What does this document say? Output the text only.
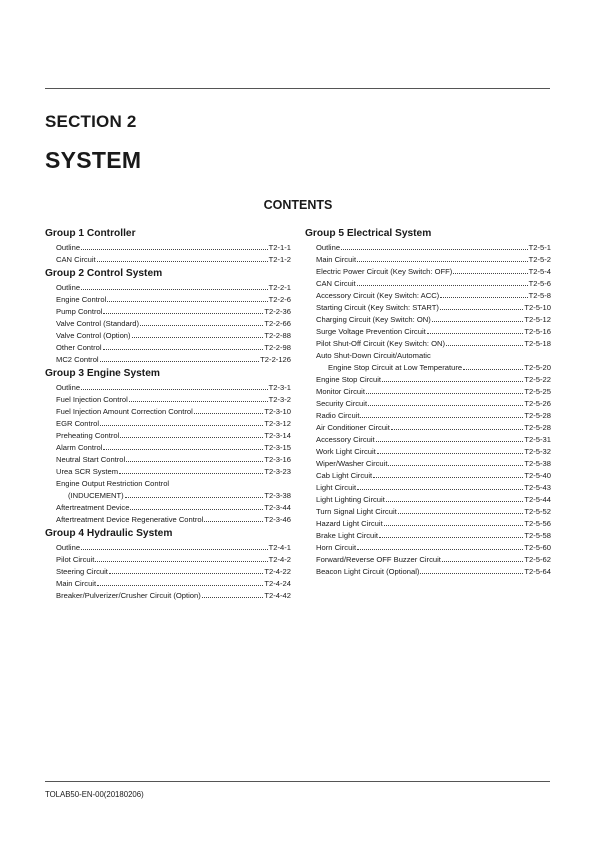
SECTION 2
SYSTEM
CONTENTS
Group 1 Controller
Outline	T2-1-1
CAN Circuit	T2-1-2
Group 2 Control System
Outline	T2-2-1
Engine Control	T2-2-6
Pump Control	T2-2-36
Valve Control (Standard)	T2-2-66
Valve Control (Option)	T2-2-88
Other Control	T2-2-98
MC2 Control	T2-2-126
Group 3 Engine System
Outline	T2-3-1
Fuel Injection Control	T2-3-2
Fuel Injection Amount Correction Control	T2-3-10
EGR Control	T2-3-12
Preheating Control	T2-3-14
Alarm Control	T2-3-15
Neutral Start Control	T2-3-16
Urea SCR System	T2-3-23
Engine Output Restriction Control
(INDUCEMENT)	T2-3-38
Aftertreatment Device	T2-3-44
Aftertreatment Device Regenerative Control	T2-3-46
Group 4 Hydraulic System
Outline	T2-4-1
Pilot Circuit	T2-4-2
Steering Circuit	T2-4-22
Main Circuit	T2-4-24
Breaker/Pulverizer/Crusher Circuit (Option)	T2-4-42
Group 5 Electrical System
Outline	T2-5-1
Main Circuit	T2-5-2
Electric Power Circuit (Key Switch: OFF)	T2-5-4
CAN Circuit	T2-5-6
Accessory Circuit (Key Switch: ACC)	T2-5-8
Starting Circuit (Key Switch: START)	T2-5-10
Charging Circuit (Key Switch: ON)	T2-5-12
Surge Voltage Prevention Circuit	T2-5-16
Pilot Shut-Off Circuit (Key Switch: ON)	T2-5-18
Auto Shut-Down Circuit/Automatic
Engine Stop Circuit at Low Temperature	T2-5-20
Engine Stop Circuit	T2-5-22
Monitor Circuit	T2-5-25
Security Circuit	T2-5-26
Radio Circuit	T2-5-28
Air Conditioner Circuit	T2-5-28
Accessory Circuit	T2-5-31
Work Light Circuit	T2-5-32
Wiper/Washer Circuit	T2-5-38
Cab Light Circuit	T2-5-40
Light Circuit	T2-5-43
Light Lighting Circuit	T2-5-44
Turn Signal Light Circuit	T2-5-52
Hazard Light Circuit	T2-5-56
Brake Light Circuit	T2-5-58
Horn Circuit	T2-5-60
Forward/Reverse OFF Buzzer Circuit	T2-5-62
Beacon Light Circuit (Optional)	T2-5-64
TOLAB50-EN-00(20180206)
